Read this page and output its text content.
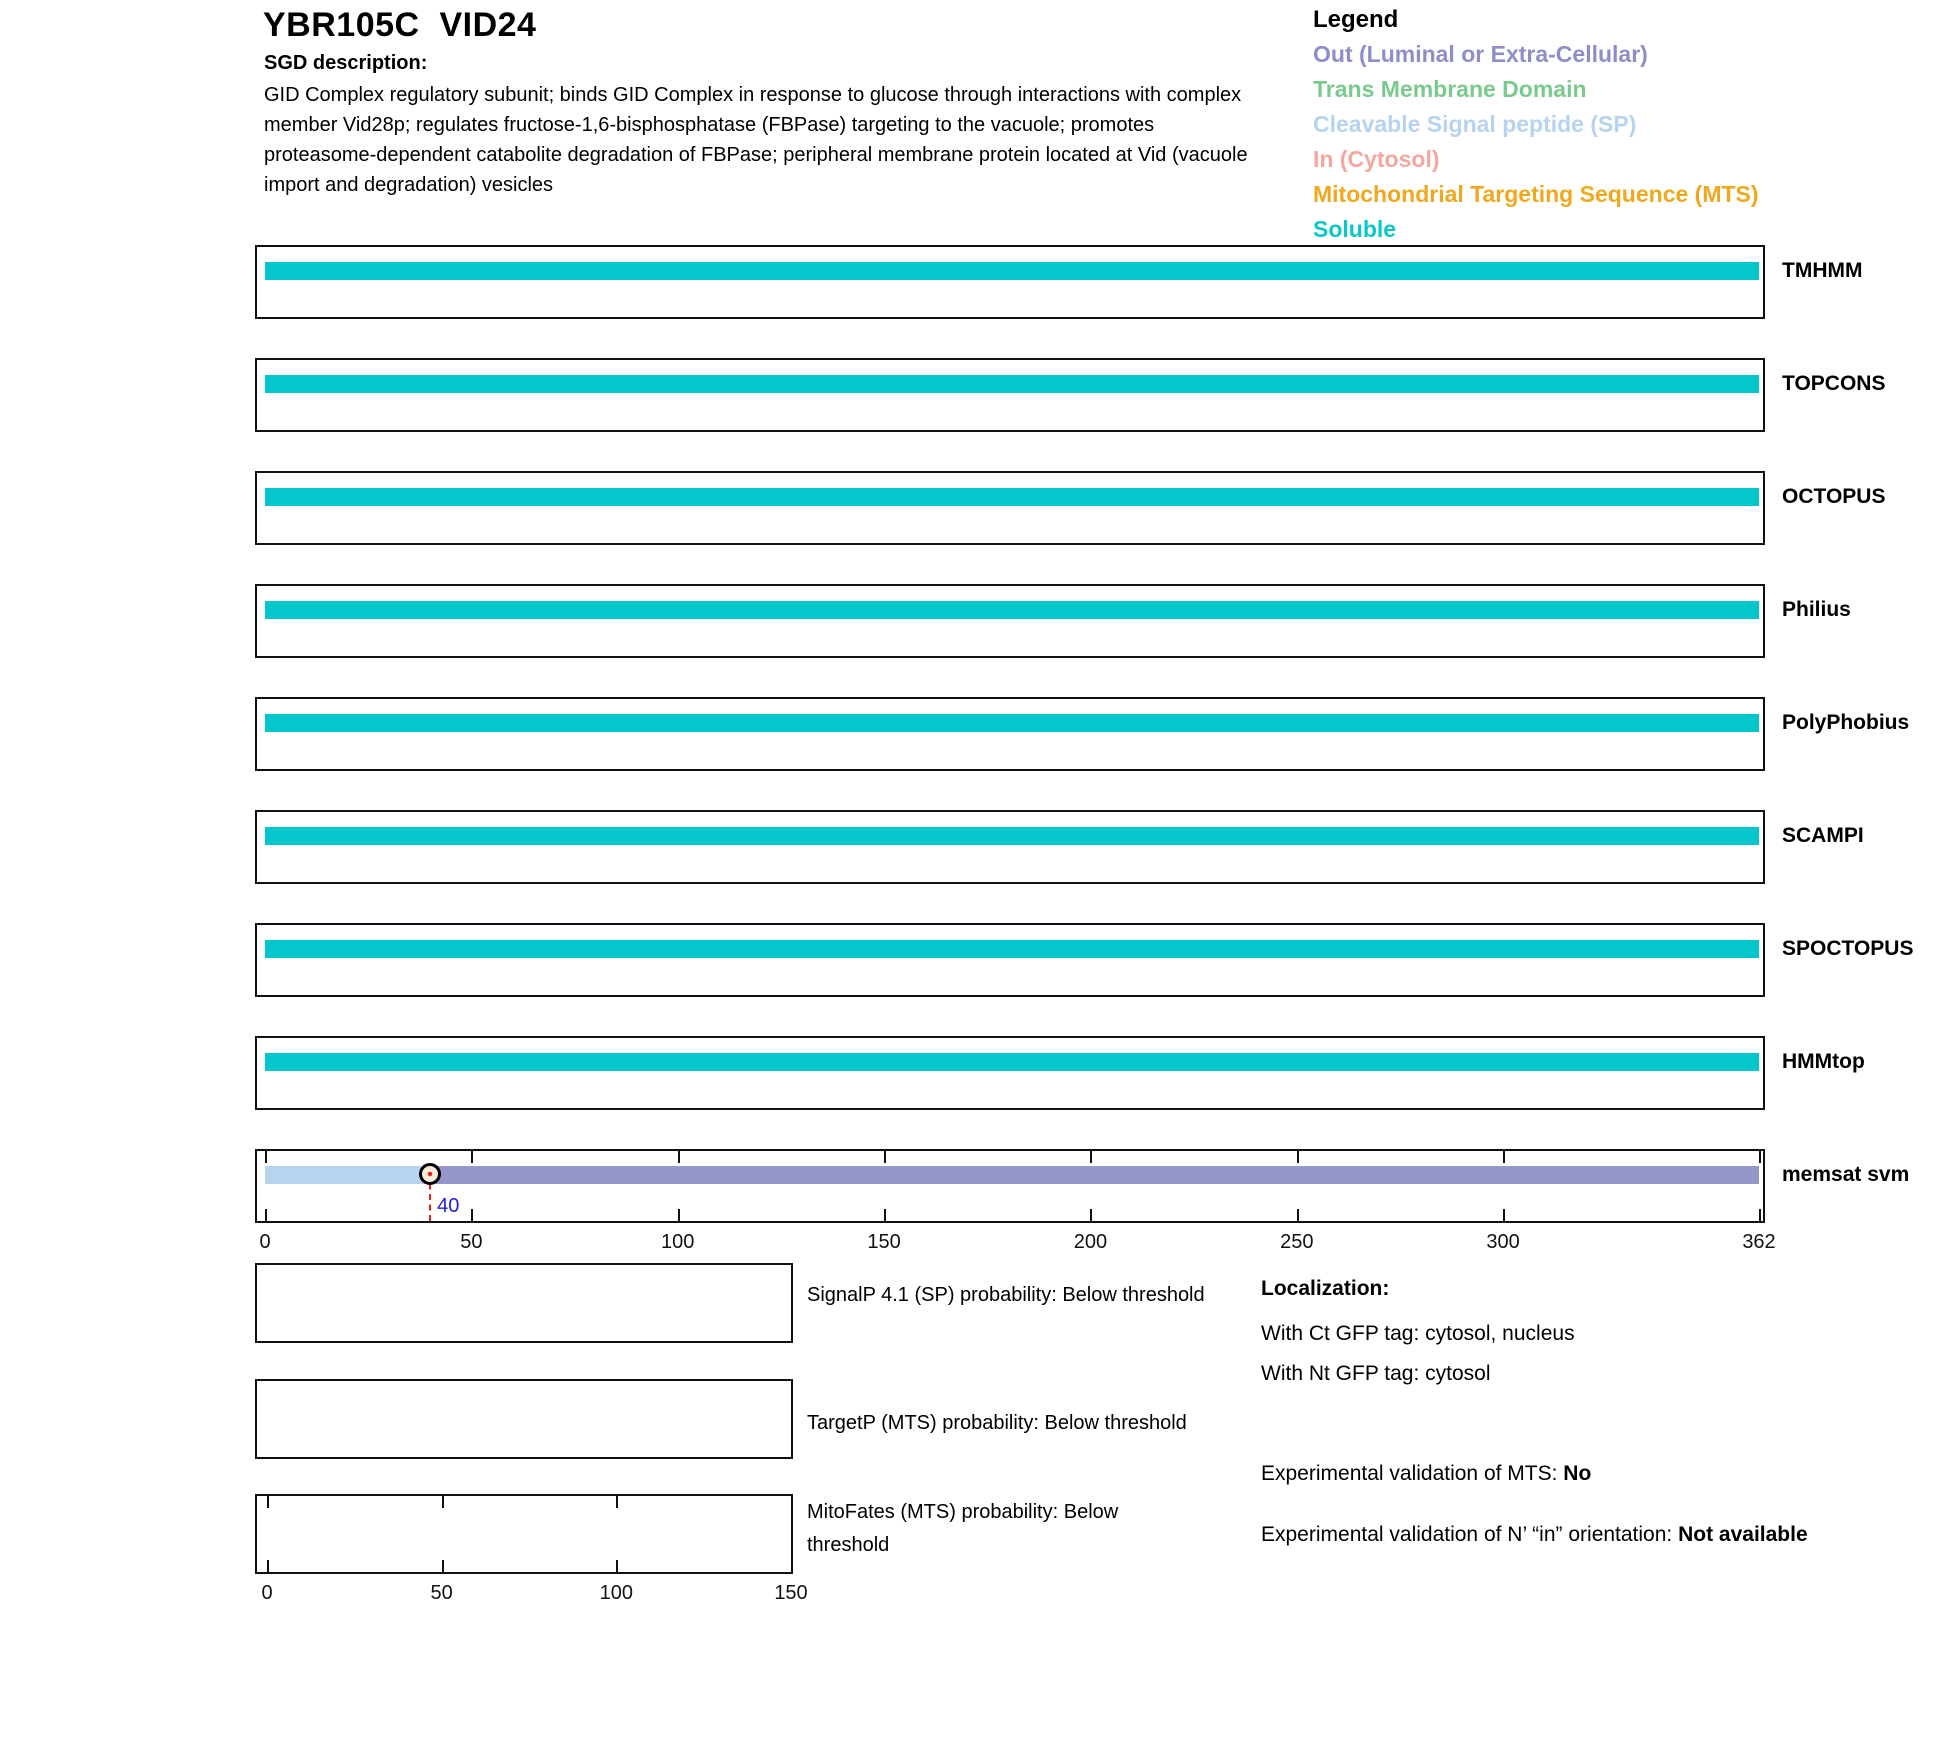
YBR105C  VID24
SGD description:
GID Complex regulatory subunit; binds GID Complex in response to glucose through interactions with complex member Vid28p; regulates fructose-1,6-bisphosphatase (FBPase) targeting to the vacuole; promotes proteasome-dependent catabolite degradation of FBPase; peripheral membrane protein located at Vid (vacuole import and degradation) vesicles
Legend
Out (Luminal or Extra-Cellular)
Trans Membrane Domain
Cleavable Signal peptide (SP)
In (Cytosol)
Mitochondrial Targeting Sequence (MTS)
Soluble
40
TMHMM
TOPCONS
OCTOPUS
Philius
PolyPhobius
SCAMPI
SPOCTOPUS
HMMtop
memsat svm
0	50	100	150	200	250	300	362
SignalP 4.1 (SP) probability: Below threshold
TargetP (MTS) probability: Below threshold
MitoFates (MTS) probability: Below threshold
0	50	100	150
Localization:
With Ct GFP tag: cytosol, nucleus
With Nt GFP tag: cytosol
Experimental validation of MTS: No
Experimental validation of N’ “in” orientation: Not available
